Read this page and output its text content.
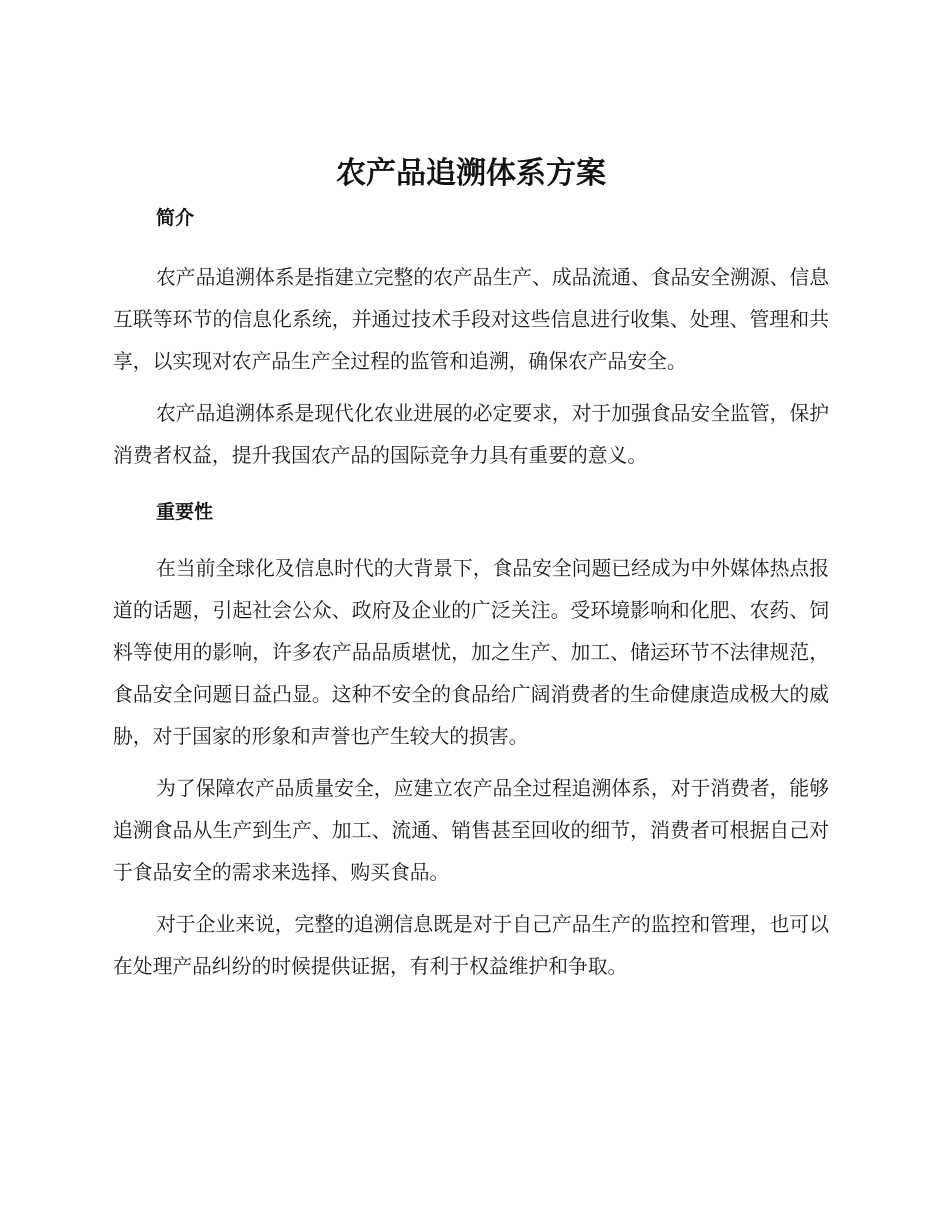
农产品追溯体系方案
简介

农产品追溯体系是指建立完整的农产品生产、成品流通、食品安全溯源、信息互联等环节的信息化系统，并通过技术手段对这些信息进行收集、处理、管理和共享，以实现对农产品生产全过程的监管和追溯，确保农产品安全。

农产品追溯体系是现代化农业进展的必定要求，对于加强食品安全监管，保护消费者权益，提升我国农产品的国际竞争力具有重要的意义。

重要性

在当前全球化及信息时代的大背景下，食品安全问题已经成为中外媒体热点报道的话题，引起社会公众、政府及企业的广泛关注。受环境影响和化肥、农药、饲料等使用的影响，许多农产品品质堪忧，加之生产、加工、储运环节不法律规范，食品安全问题日益凸显。这种不安全的食品给广阔消费者的生命健康造成极大的威胁，对于国家的形象和声誉也产生较大的损害。

为了保障农产品质量安全，应建立农产品全过程追溯体系，对于消费者，能够追溯食品从生产到生产、加工、流通、销售甚至回收的细节，消费者可根据自己对于食品安全的需求来选择、购买食品。

对于企业来说，完整的追溯信息既是对于自己产品生产的监控和管理，也可以在处理产品纠纷的时候提供证据，有利于权益维护和争取。
